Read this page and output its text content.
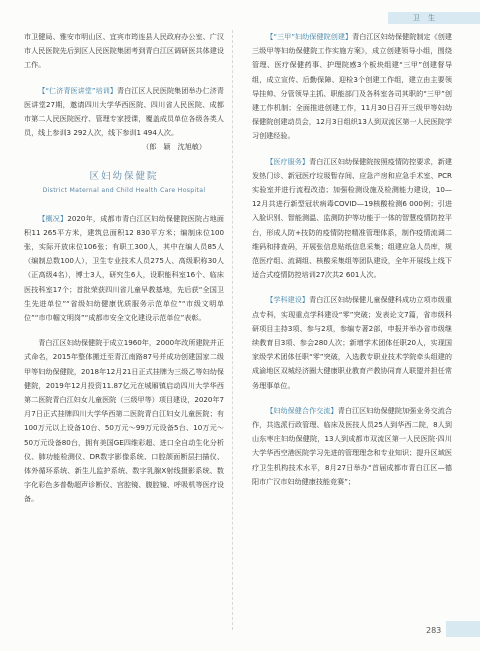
卫 生

市卫健局、雅安市明山区、宜宾市筠连县人民政府办公室、广汉市人民医院先后到区人民医院集团考到青白江区调研医共体建设工作。

【“仁济青医讲堂”培训】青白江区人民医院集团举办仁济青医讲堂27期，邀请四川大学华西医院、四川省人民医院、成都市第二人民医院医疗、管理专家授课，覆盖成员单位各级各类人员，线上参训3 292人次，线下参训1 494人次。

（郎　颖　沈旭敏）

区妇幼保健院
District Maternal and Child Health Care Hospital

【概况】2020年，成都市青白江区妇幼保健院医院占地面积11 265平方米，建筑总面积12 830平方米；编制床位100张，实际开放床位106张；有职工300人，其中在编人员85人（编制总数100人），卫生专业技术人员275人、高级职称30人（正高级4名），博士3人，研究生6人，设职能科室16个、临床医技科室17个；首批荣获四川省儿童早教基地，先后获“全国卫生先进单位”“省级妇幼健康优质服务示范单位”“市级文明单位”“市巾帼文明岗”“成都市安全文化建设示范单位”表彰。

青白江区妇幼保健院于成立1960年，2000年改所建院并正式命名，2015年整体搬迁至青江南路87号并成功创建国家二级甲等妇幼保健院，2018年12月21日正式挂牌为三级乙等妇幼保健院，2019年12月投资11.87亿元在城厢镇启动四川大学华西第二医院青白江妇女儿童医院（三级甲等）项目建设，2020年7月7日正式挂牌四川大学华西第二医院青白江妇女儿童医院；有100万元以上设备10台、50万元～99万元设备5台、10万元～50万元设备80台，拥有美国GE四维彩超、进口全自动生化分析仪、肺功能检测仪、DR数字影像系统、口腔颌面断层扫描仪、体外循环系统、新生儿监护系统、数字乳腺X射线摄影系统、数字化彩色多普勒超声诊断仪、宫腔镜、腹腔镜、呼吸机等医疗设备。

【“三甲”妇幼保健院创建】青白江区妇幼保健院制定《创建三级甲等妇幼保健院工作实施方案》，成立创建领导小组，围绕管理、医疗保健药事、护理院感3个板块组建“三甲”创建督导组，成立宣传、后勤保障、迎检3个创建工作组，建立由主要领导挂帅、分管领导主抓、职能部门及各科室各司其职的“三甲”创建工作机制；全面推进创建工作，11月30日召开三级甲等妇幼保健院创建动员会，12月3日组织13人到双流区第一人民医院学习创建经验。

【医疗服务】青白江区妇幼保健院按照疫情防控要求，新建发热门诊、新冠医疗垃圾暂存间、应急产房和应急手术室、PCR实验室并进行流程改造；加强检测设施及检测能力建设，10—12月共进行新型冠状病毒COVID—19核酸检测6 000例；引进入脸识别、智能测温、监测防护等功能于一体的智慧疫情防控平台，形成人防+技防的疫情防控精准管理体系，制作疫情流调二维码和排查码，开展张信息贴纸信息采集；组建应急人员库，规范医疗组、流调组、核酸采集组等团队建设，全年开展线上线下适合式疫情防控培训27次共2 601人次。

【学科建设】青白江区妇幼保健儿童保健科成功立项市级重点专科，实现重点学科建设“零”突破；发表论文7篇，省市级科研项目主持3项、参与2项，参编专著2部，申报并举办省市级继续教育目3项、参会280人次；新增学术团体任职20人，实现国家级学术团体任职“零”突破，入选教专职业技术学院牵头组建的成渝地区双城经济圈大健康职业教育产教协同育人联盟并担任常务理事单位。

【妇幼保健合作交流】青白江区妇幼保健院加强业务交流合作，共选派行政管理、临床及医技人员25人到华西二院，8人到山东枣庄妇幼保健院，13人到成都市双流区第一人民医院·四川大学华西空港医院学习先进的管理理念和专业知识；提升区域医疗卫生机构技术水平，8月27日举办“首届成都市青白江区—德阳市广汉市妇幼健康技能竞赛”；

283
